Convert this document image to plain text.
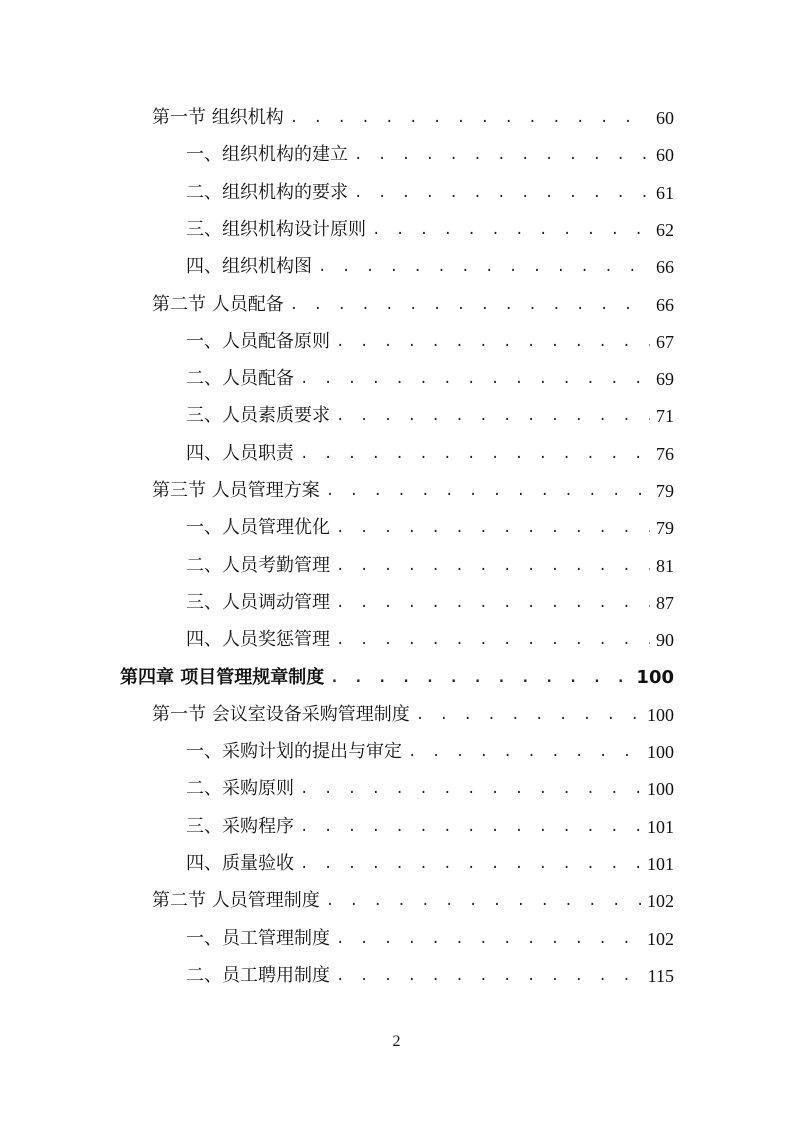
第一节 组织机构 . . .	60
一、组织机构的建立 . . .	60
二、组织机构的要求 . . .	61
三、组织机构设计原则 . . .	62
四、组织机构图 . . .	66
第二节 人员配备 . . .	66
一、人员配备原则 . . .	67
二、人员配备 . . .	69
三、人员素质要求 . . .	71
四、人员职责 . . .	76
第三节 人员管理方案 . . .	79
一、人员管理优化 . . .	79
二、人员考勤管理 . . .	81
三、人员调动管理 . . .	87
四、人员奖惩管理 . . .	90
第四章 项目管理规章制度 . . .	100
第一节 会议室设备采购管理制度 . . .	100
一、采购计划的提出与审定 . . .	100
二、采购原则 . . .	100
三、采购程序 . . .	101
四、质量验收 . . .	101
第二节 人员管理制度 . . .	102
一、员工管理制度 . . .	102
二、员工聘用制度 . . .	115
2
